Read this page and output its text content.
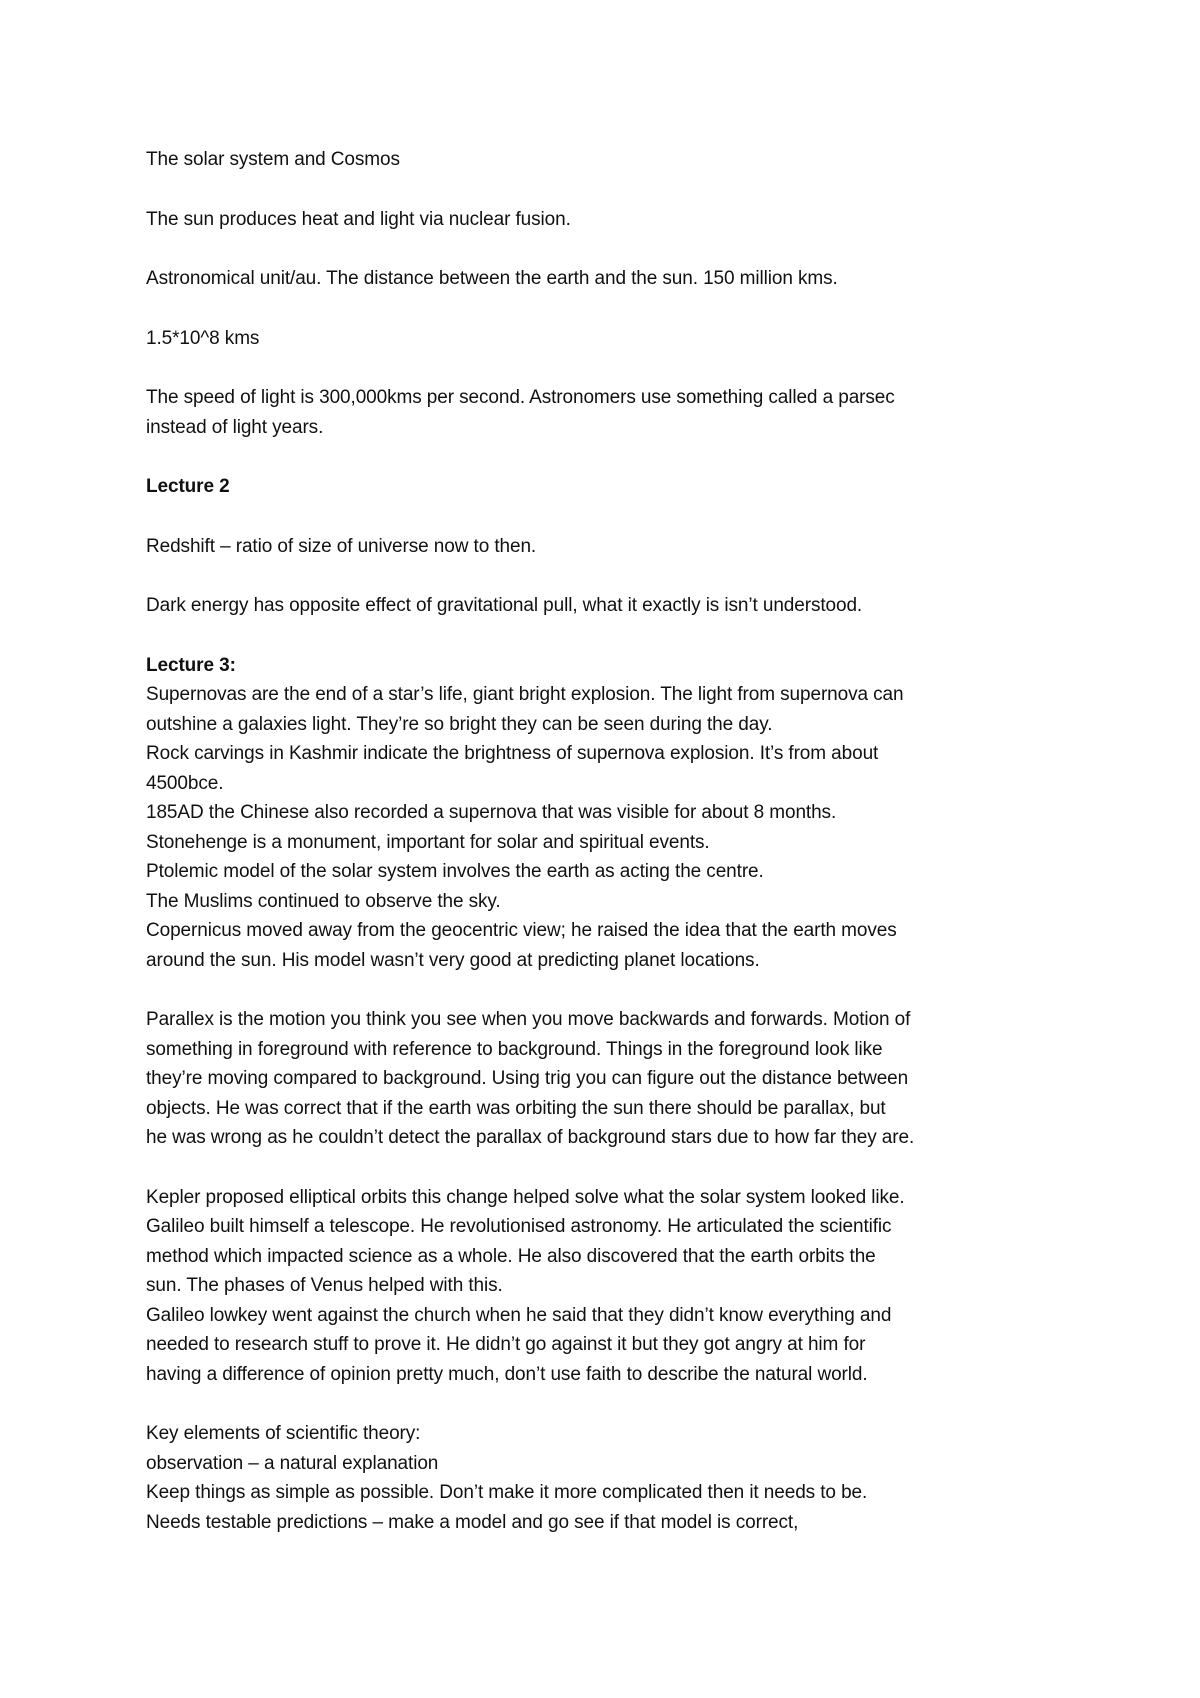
The solar system and Cosmos

The sun produces heat and light via nuclear fusion.

Astronomical unit/au. The distance between the earth and the sun. 150 million kms.

1.5*10^8 kms

The speed of light is 300,000kms per second. Astronomers use something called a parsec

instead of light years.

Lecture 2

Redshift – ratio of size of universe now to then.

Dark energy has opposite effect of gravitational pull, what it exactly is isn’t understood.

Lecture 3:

Supernovas are the end of a star’s life, giant bright explosion. The light from supernova can

outshine a galaxies light. They’re so bright they can be seen during the day.

Rock carvings in Kashmir indicate the brightness of supernova explosion. It’s from about

4500bce.

185AD the Chinese also recorded a supernova that was visible for about 8 months.

Stonehenge is a monument, important for solar and spiritual events.

Ptolemic model of the solar system involves the earth as acting the centre.

The Muslims continued to observe the sky.

Copernicus moved away from the geocentric view; he raised the idea that the earth moves

around the sun. His model wasn’t very good at predicting planet locations.

Parallex is the motion you think you see when you move backwards and forwards. Motion of

something in foreground with reference to background. Things in the foreground look like

they’re moving compared to background. Using trig you can figure out the distance between

objects. He was correct that if the earth was orbiting the sun there should be parallax, but

he was wrong as he couldn’t detect the parallax of background stars due to how far they are.

Kepler proposed elliptical orbits this change helped solve what the solar system looked like.

Galileo built himself a telescope. He revolutionised astronomy. He articulated the scientific

method which impacted science as a whole. He also discovered that the earth orbits the

sun. The phases of Venus helped with this.

Galileo lowkey went against the church when he said that they didn’t know everything and

needed to research stuff to prove it. He didn’t go against it but they got angry at him for

having a difference of opinion pretty much, don’t use faith to describe the natural world.

Key elements of scientific theory:

observation – a natural explanation

Keep things as simple as possible. Don’t make it more complicated then it needs to be.

Needs testable predictions – make a model and go see if that model is correct,
